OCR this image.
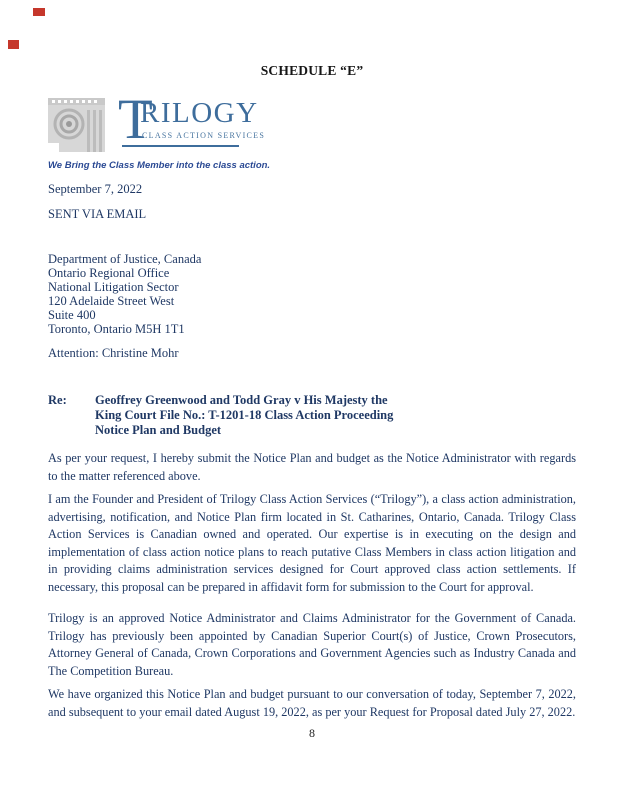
SCHEDULE “E”
T
RILOGY
CLASS ACTION SERVICES
We Bring the Class Member into the class action.
September 7, 2022
SENT VIA EMAIL
Department of Justice, Canada
Ontario Regional Office
National Litigation Sector
120 Adelaide Street West
Suite 400
Toronto, Ontario M5H 1T1
Attention: Christine Mohr
Re:	Geoffrey Greenwood and Todd Gray v His Majesty the
King Court File No.: T-1201-18 Class Action Proceeding
Notice Plan and Budget

As per your request, I hereby submit the Notice Plan and budget as the Notice Administrator with regards to the matter referenced above.

I am the Founder and President of Trilogy Class Action Services (“Trilogy”), a class action administration, advertising, notification, and Notice Plan firm located in St. Catharines, Ontario, Canada. Trilogy Class Action Services is Canadian owned and operated. Our expertise is in executing on the design and implementation of class action notice plans to reach putative Class Members in class action litigation and in providing claims administration services designed for Court approved class action settlements. If necessary, this proposal can be prepared in affidavit form for submission to the Court for approval.

Trilogy is an approved Notice Administrator and Claims Administrator for the Government of Canada. Trilogy has previously been appointed by Canadian Superior Court(s) of Justice, Crown Prosecutors, Attorney General of Canada, Crown Corporations and Government Agencies such as Industry Canada and The Competition Bureau.

We have organized this Notice Plan and budget pursuant to our conversation of today, September 7, 2022, and subsequent to your email dated August 19, 2022, as per your Request for Proposal dated July 27, 2022.

8
